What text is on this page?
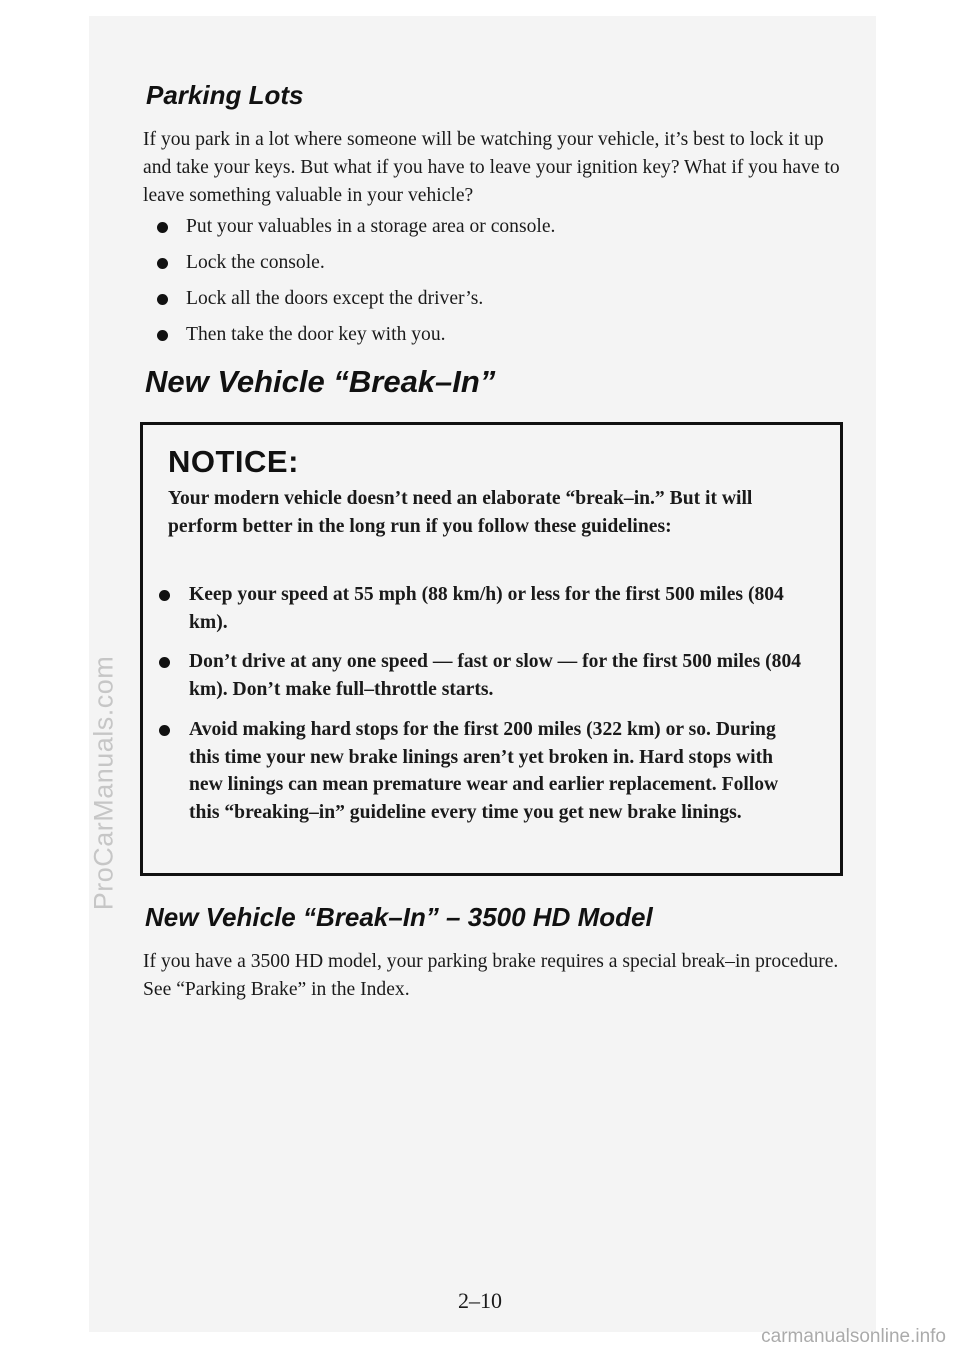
ProCarManuals.com
Parking Lots

If you park in a lot where someone will be watching your vehicle, it’s best to lock it up and take your keys. But what if you have to leave your ignition key? What if you have to leave something valuable in your vehicle?

Put your valuables in a storage area or console.
Lock the console.
Lock all the doors except the driver’s.
Then take the door key with you.
New Vehicle “Break–In”
NOTICE:

Your modern vehicle doesn’t need an elaborate “break–in.” But it will perform better in the long run if you follow these guidelines:

Keep your speed at 55 mph (88 km/h) or less for the first 500 miles (804 km).
Don’t drive at any one speed — fast or slow — for the first 500 miles (804 km). Don’t make full–throttle starts.
Avoid making hard stops for the first 200 miles (322 km) or so. During this time your new brake linings aren’t yet broken in. Hard stops with new linings can mean premature wear and earlier replacement. Follow this “breaking–in” guideline every time you get new brake linings.
New Vehicle “Break–In” – 3500 HD Model

If you have a 3500 HD model, your parking brake requires a special break–in procedure. See “Parking Brake” in the Index.

2–10
carmanualsonline.info
